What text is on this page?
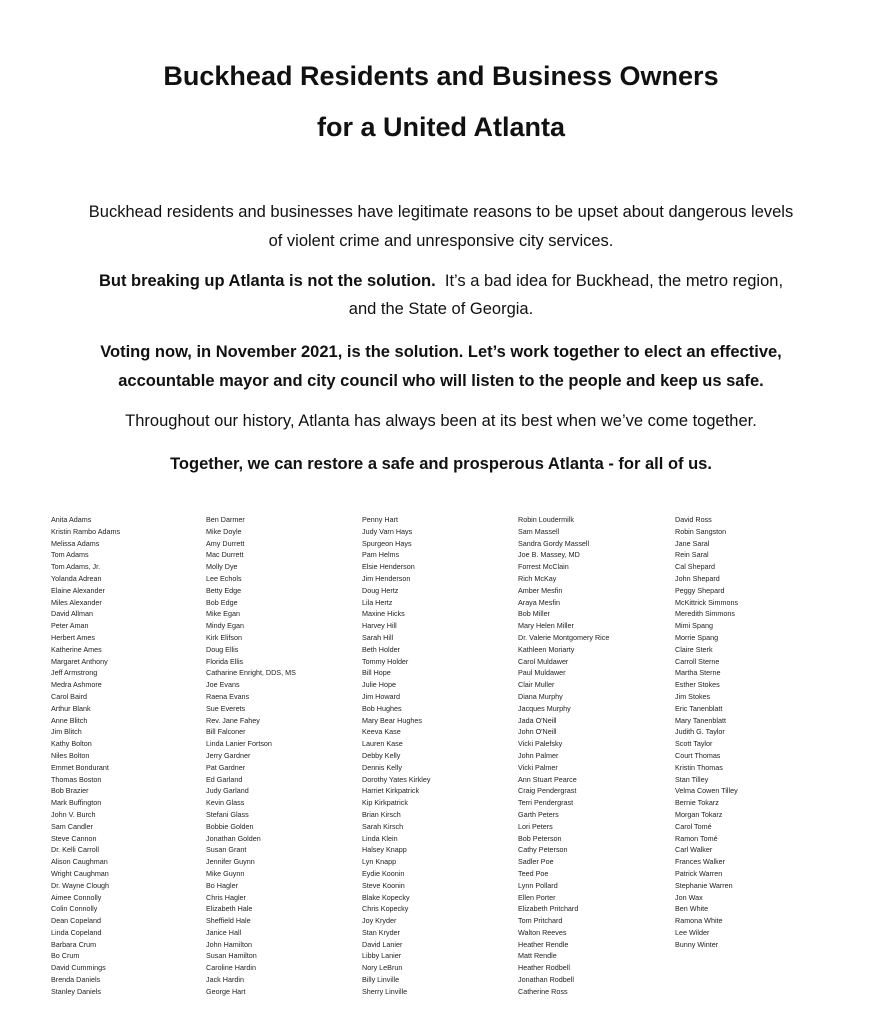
Buckhead Residents and Business Owners
for a United Atlanta
Buckhead residents and businesses have legitimate reasons to be upset about dangerous levels
of violent crime and unresponsive city services.
But breaking up Atlanta is not the solution. It’s a bad idea for Buckhead, the metro region,
and the State of Georgia.
Voting now, in November 2021, is the solution. Let’s work together to elect an effective,
accountable mayor and city council who will listen to the people and keep us safe.
Throughout our history, Atlanta has always been at its best when we’ve come together.
Together, we can restore a safe and prosperous Atlanta - for all of us.
Anita Adams
Kristin Rambo Adams
Melissa Adams
Tom Adams
Tom Adams, Jr.
Yolanda Adrean
Elaine Alexander
Miles Alexander
David Allman
Peter Aman
Herbert Ames
Katherine Ames
Margaret Anthony
Jeff Armstrong
Medra Ashmore
Carol Baird
Arthur Blank
Anne Blitch
Jim Blitch
Kathy Bolton
Niles Bolton
Emmet Bondurant
Thomas Boston
Bob Brazier
Mark Buffington
John V. Burch
Sam Candler
Steve Cannon
Dr. Kelli Carroll
Alison Caughman
Wright Caughman
Dr. Wayne Clough
Aimee Connolly
Colin Connolly
Dean Copeland
Linda Copeland
Barbara Crum
Bo Crum
David Cummings
Brenda Daniels
Stanley Daniels
Ben Darmer
Mike Doyle
Amy Durrett
Mac Durrett
Molly Dye
Lee Echols
Betty Edge
Bob Edge
Mike Egan
Mindy Egan
Kirk Elifson
Doug Ellis
Florida Ellis
Catharine Enright, DDS, MS
Joe Evans
Raena Evans
Sue Everets
Rev. Jane Fahey
Bill Falconer
Linda Lanier Fortson
Jerry Gardner
Pat Gardner
Ed Garland
Judy Garland
Kevin Glass
Stefani Glass
Bobbie Golden
Jonathan Golden
Susan Grant
Jennifer Guynn
Mike Guynn
Bo Hagler
Chris Hagler
Elizabeth Hale
Sheffield Hale
Janice Hall
John Hamilton
Susan Hamilton
Caroline Hardin
Jack Hardin
George Hart
Penny Hart
Judy Varn Hays
Spurgeon Hays
Pam Helms
Elsie Henderson
Jim Henderson
Doug Hertz
Lila Hertz
Maxine Hicks
Harvey Hill
Sarah Hill
Beth Holder
Tommy Holder
Bill Hope
Julie Hope
Jim Howard
Bob Hughes
Mary Bear Hughes
Keeva Kase
Lauren Kase
Debby Kelly
Dennis Kelly
Dorothy Yates Kirkley
Harriet Kirkpatrick
Kip Kirkpatrick
Brian Kirsch
Sarah Kirsch
Linda Klein
Halsey Knapp
Lyn Knapp
Eydie Koonin
Steve Koonin
Blake Kopecky
Chris Kopecky
Joy Kryder
Stan Kryder
David Lanier
Libby Lanier
Nory LeBrun
Billy Linville
Sherry Linville
Robin Loudermilk
Sam Massell
Sandra Gordy Massell
Joe B. Massey, MD
Forrest McClain
Rich McKay
Amber Mesfin
Araya Mesfin
Bob Miller
Mary Helen Miller
Dr. Valerie Montgomery Rice
Kathleen Moriarty
Carol Muldawer
Paul Muldawer
Clair Muller
Diana Murphy
Jacques Murphy
Jada O'Neill
John O'Neill
Vicki Palefsky
John Palmer
Vicki Palmer
Ann Stuart Pearce
Craig Pendergrast
Terri Pendergrast
Garth Peters
Lori Peters
Bob Peterson
Cathy Peterson
Sadler Poe
Teed Poe
Lynn Pollard
Ellen Porter
Elizabeth Pritchard
Tom Pritchard
Walton Reeves
Heather Rendle
Matt Rendle
Heather Rodbell
Jonathan Rodbell
Catherine Ross
David Ross
Robin Sangston
Jane Saral
Rein Saral
Cal Shepard
John Shepard
Peggy Shepard
McKittrick Simmons
Meredith Simmons
Mimi Spang
Morrie Spang
Claire Sterk
Carroll Sterne
Martha Sterne
Esther Stokes
Jim Stokes
Eric Tanenblatt
Mary Tanenblatt
Judith G. Taylor
Scott Taylor
Court Thomas
Kristin Thomas
Stan Tilley
Velma Cowen Tilley
Bernie Tokarz
Morgan Tokarz
Carol Tomé
Ramon Tomé
Carl Walker
Frances Walker
Patrick Warren
Stephanie Warren
Jon Wax
Ben White
Ramona White
Lee Wilder
Bunny Winter
